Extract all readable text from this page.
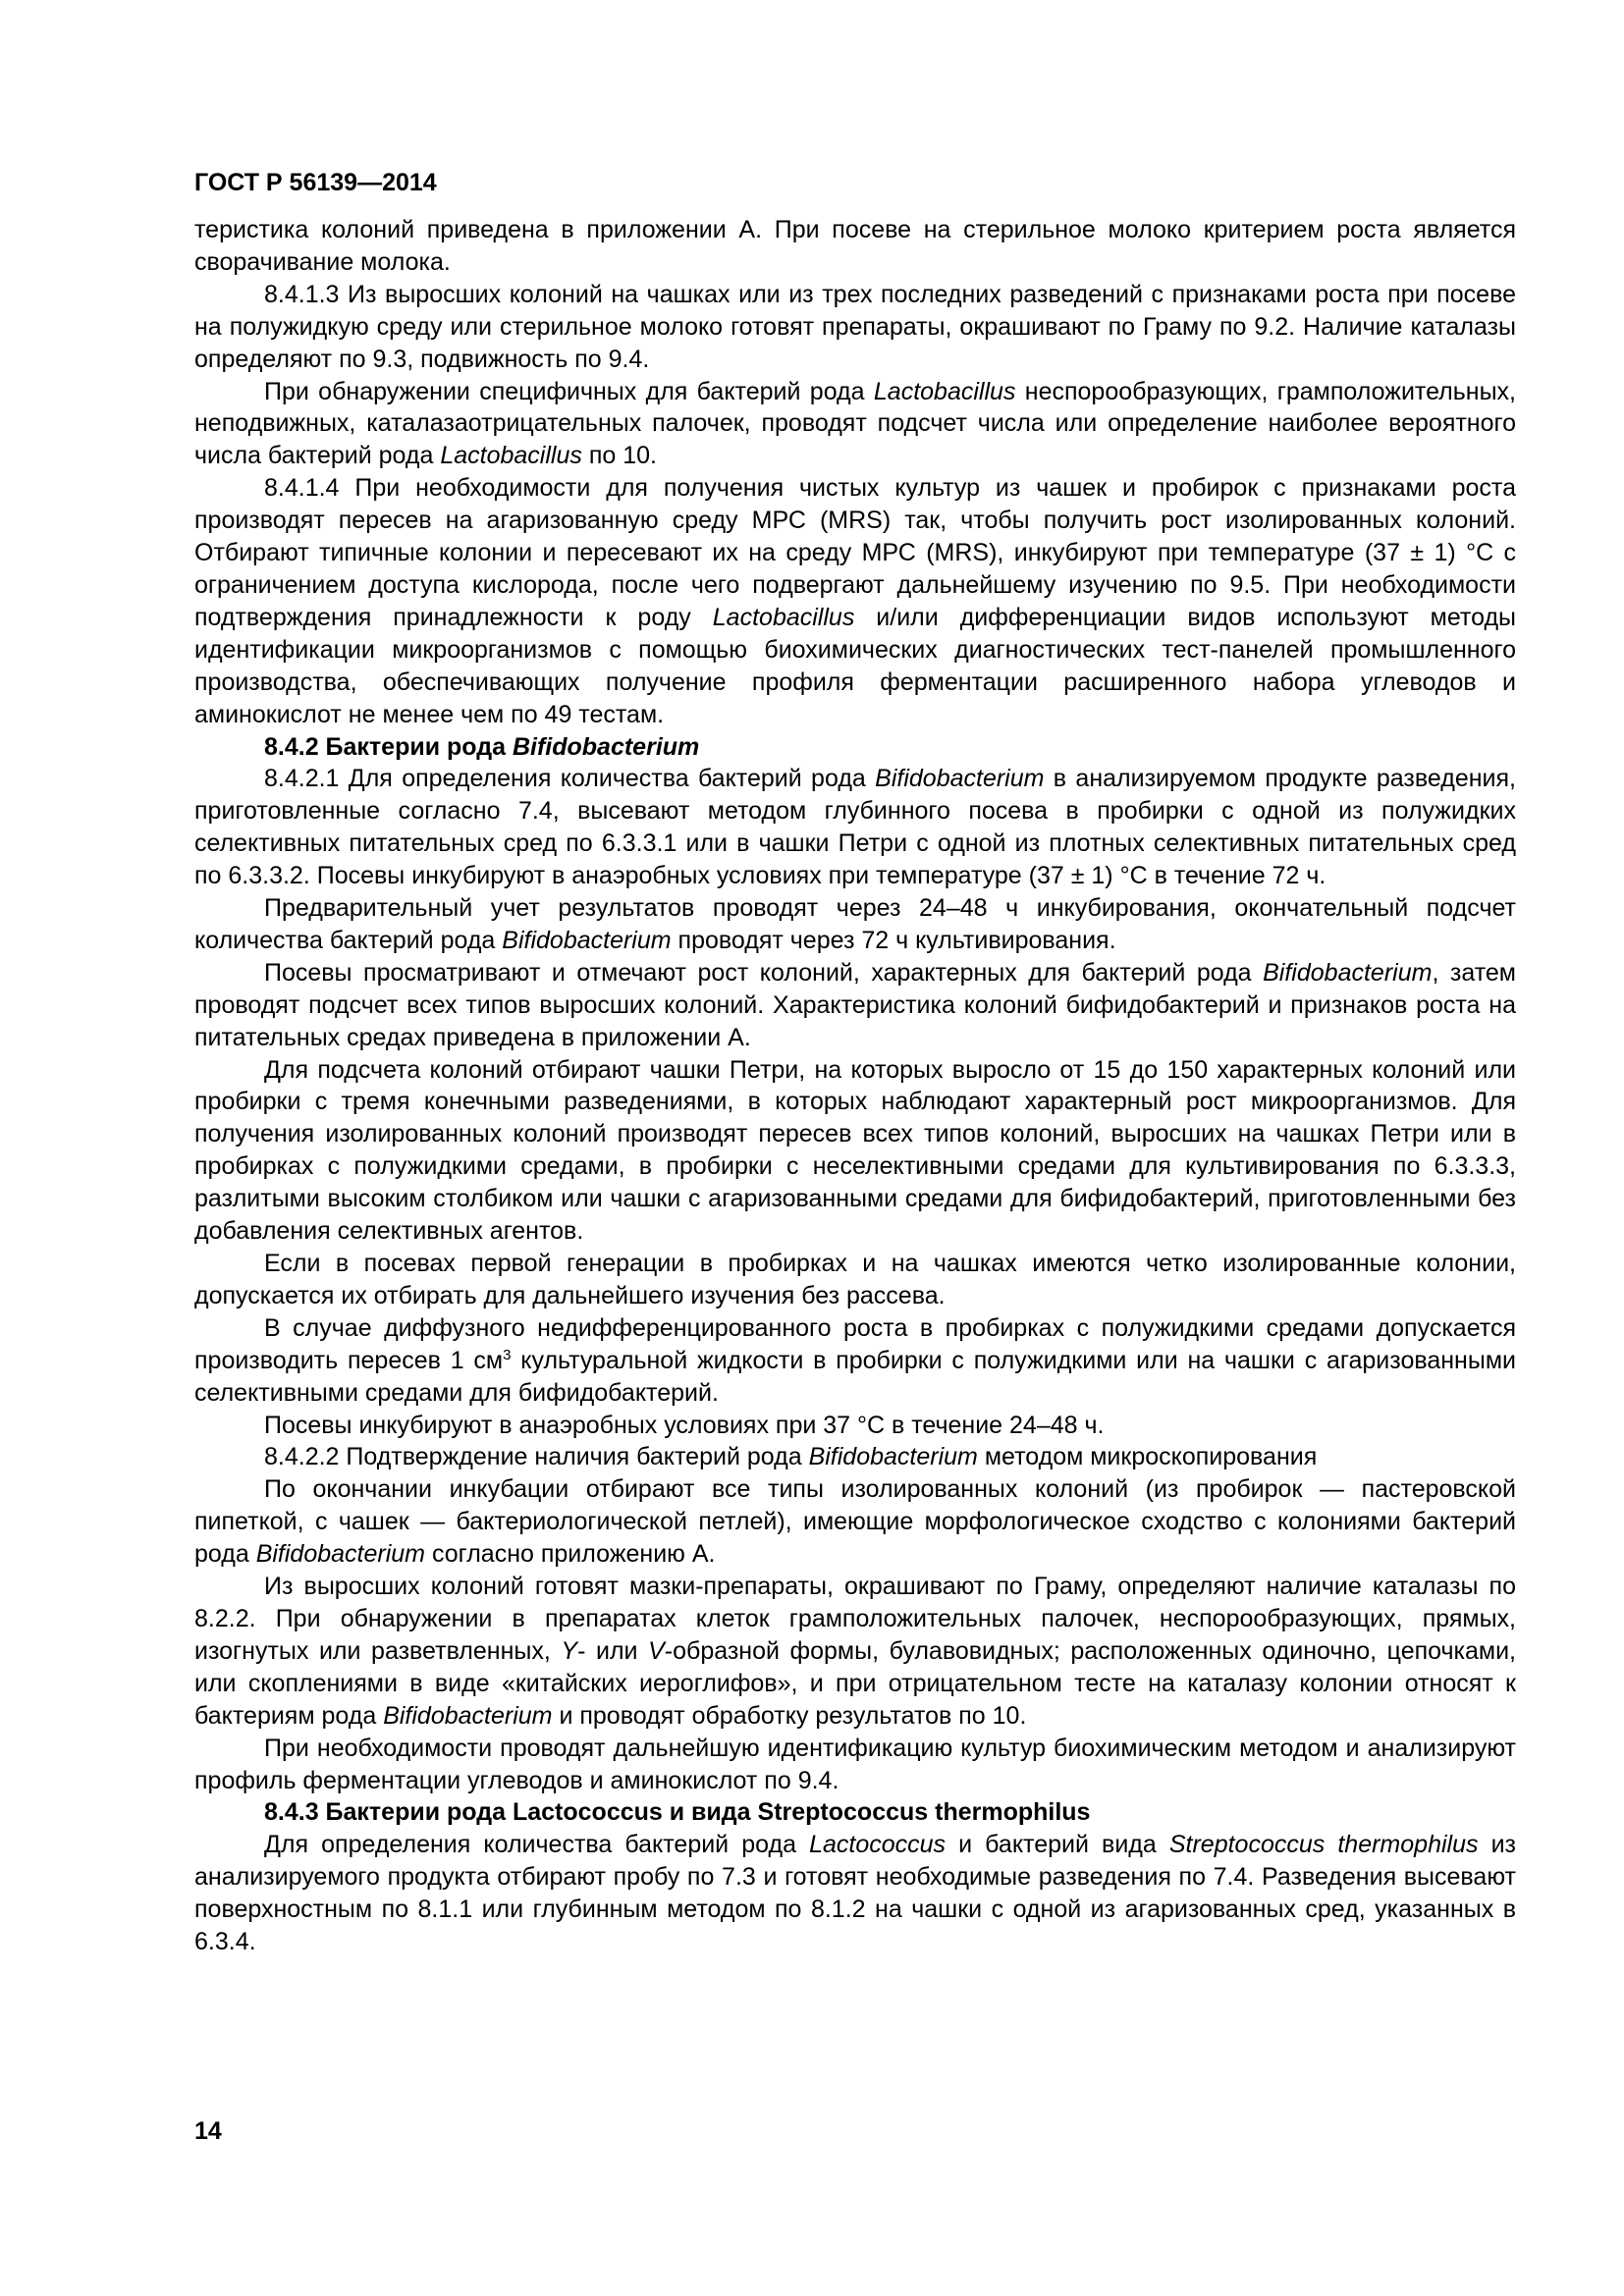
ГОСТ Р 56139—2014

теристика колоний приведена в приложении А. При посеве на стерильное молоко критерием роста является сворачивание молока.

8.4.1.3 Из выросших колоний на чашках или из трех последних разведений с признаками роста при посеве на полужидкую среду или стерильное молоко готовят препараты, окрашивают по Граму по 9.2. Наличие каталазы определяют по 9.3, подвижность по 9.4.

При обнаружении специфичных для бактерий рода Lactobacillus неспорообразующих, грамположительных, неподвижных, каталазаотрицательных палочек, проводят подсчет числа или определение наиболее вероятного числа бактерий рода Lactobacillus по 10.

8.4.1.4 При необходимости для получения чистых культур из чашек и пробирок с признаками роста производят пересев на агаризованную среду МРС (MRS) так, чтобы получить рост изолированных колоний. Отбирают типичные колонии и пересевают их на среду МРС (MRS), инкубируют при температуре (37 ± 1) °С с ограничением доступа кислорода, после чего подвергают дальнейшему изучению по 9.5. При необходимости подтверждения принадлежности к роду Lactobacillus и/или дифференциации видов используют методы идентификации микроорганизмов с помощью биохимических диагностических тест-панелей промышленного производства, обеспечивающих получение профиля ферментации расширенного набора углеводов и аминокислот не менее чем по 49 тестам.

8.4.2 Бактерии рода Bifidobacterium

8.4.2.1 Для определения количества бактерий рода Bifidobacterium в анализируемом продукте разведения, приготовленные согласно 7.4, высевают методом глубинного посева в пробирки с одной из полужидких селективных питательных сред по 6.3.3.1 или в чашки Петри с одной из плотных селективных питательных сред по 6.3.3.2. Посевы инкубируют в анаэробных условиях при температуре (37 ± 1) °С в течение 72 ч.

Предварительный учет результатов проводят через 24–48 ч инкубирования, окончательный подсчет количества бактерий рода Bifidobacterium проводят через 72 ч культивирования.

Посевы просматривают и отмечают рост колоний, характерных для бактерий рода Bifidobacterium, затем проводят подсчет всех типов выросших колоний. Характеристика колоний бифидобактерий и признаков роста на питательных средах приведена в приложении А.

Для подсчета колоний отбирают чашки Петри, на которых выросло от 15 до 150 характерных колоний или пробирки с тремя конечными разведениями, в которых наблюдают характерный рост микроорганизмов. Для получения изолированных колоний производят пересев всех типов колоний, выросших на чашках Петри или в пробирках с полужидкими средами, в пробирки с неселективными средами для культивирования по 6.3.3.3, разлитыми высоким столбиком или чашки с агаризованными средами для бифидобактерий, приготовленными без добавления селективных агентов.

Если в посевах первой генерации в пробирках и на чашках имеются четко изолированные колонии, допускается их отбирать для дальнейшего изучения без рассева.

В случае диффузного недифференцированного роста в пробирках с полужидкими средами допускается производить пересев 1 $см^3$ культуральной жидкости в пробирки с полужидкими или на чашки с агаризованными селективными средами для бифидобактерий.

Посевы инкубируют в анаэробных условиях при 37 °С в течение 24–48 ч.

8.4.2.2 Подтверждение наличия бактерий рода Bifidobacterium методом микроскопирования

По окончании инкубации отбирают все типы изолированных колоний (из пробирок — пастеровской пипеткой, с чашек — бактериологической петлей), имеющие морфологическое сходство с колониями бактерий рода Bifidobacterium согласно приложению А.

Из выросших колоний готовят мазки-препараты, окрашивают по Граму, определяют наличие каталазы по 8.2.2. При обнаружении в препаратах клеток грамположительных палочек, неспорообразующих, прямых, изогнутых или разветвленных, Y- или V-образной формы, булавовидных; расположенных одиночно, цепочками, или скоплениями в виде «китайских иероглифов», и при отрицательном тесте на каталазу колонии относят к бактериям рода Bifidobacterium и проводят обработку результатов по 10.

При необходимости проводят дальнейшую идентификацию культур биохимическим методом и анализируют профиль ферментации углеводов и аминокислот по 9.4.

8.4.3 Бактерии рода Lactococcus и вида Streptococcus thermophilus

Для определения количества бактерий рода Lactococcus и бактерий вида Streptococcus thermophilus из анализируемого продукта отбирают пробу по 7.3 и готовят необходимые разведения по 7.4. Разведения высевают поверхностным по 8.1.1 или глубинным методом по 8.1.2 на чашки с одной из агаризованных сред, указанных в 6.3.4.

14
